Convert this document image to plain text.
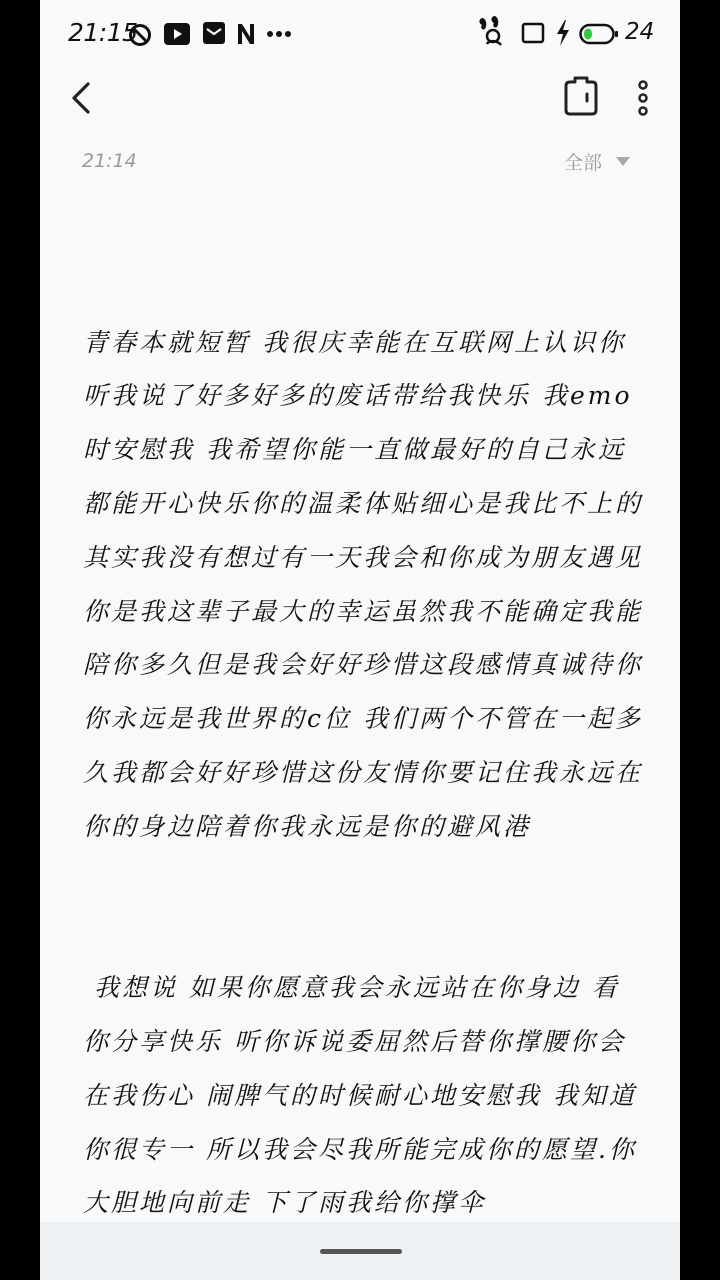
21:15	24
21:14	全部

青春本就短暂 我很庆幸能在互联网上认识你听我说了好多好多的废话带给我快乐 我emo时安慰我 我希望你能一直做最好的自己永远都能开心快乐你的温柔体贴细心是我比不上的其实我没有想过有一天我会和你成为朋友遇见你是我这辈子最大的幸运虽然我不能确定我能陪你多久但是我会好好珍惜这段感情真诚待你 你永远是我世界的c位 我们两个不管在一起多久我都会好好珍惜这份友情你要记住我永远在你的身边陪着你我永远是你的避风港

我想说 如果你愿意我会永远站在你身边 看你分享快乐 听你诉说委屈然后替你撑腰你会在我伤心 闹脾气的时候耐心地安慰我 我知道你很专一 所以我会尽我所能完成你的愿望.你大胆地向前走 下了雨我给你撑伞
